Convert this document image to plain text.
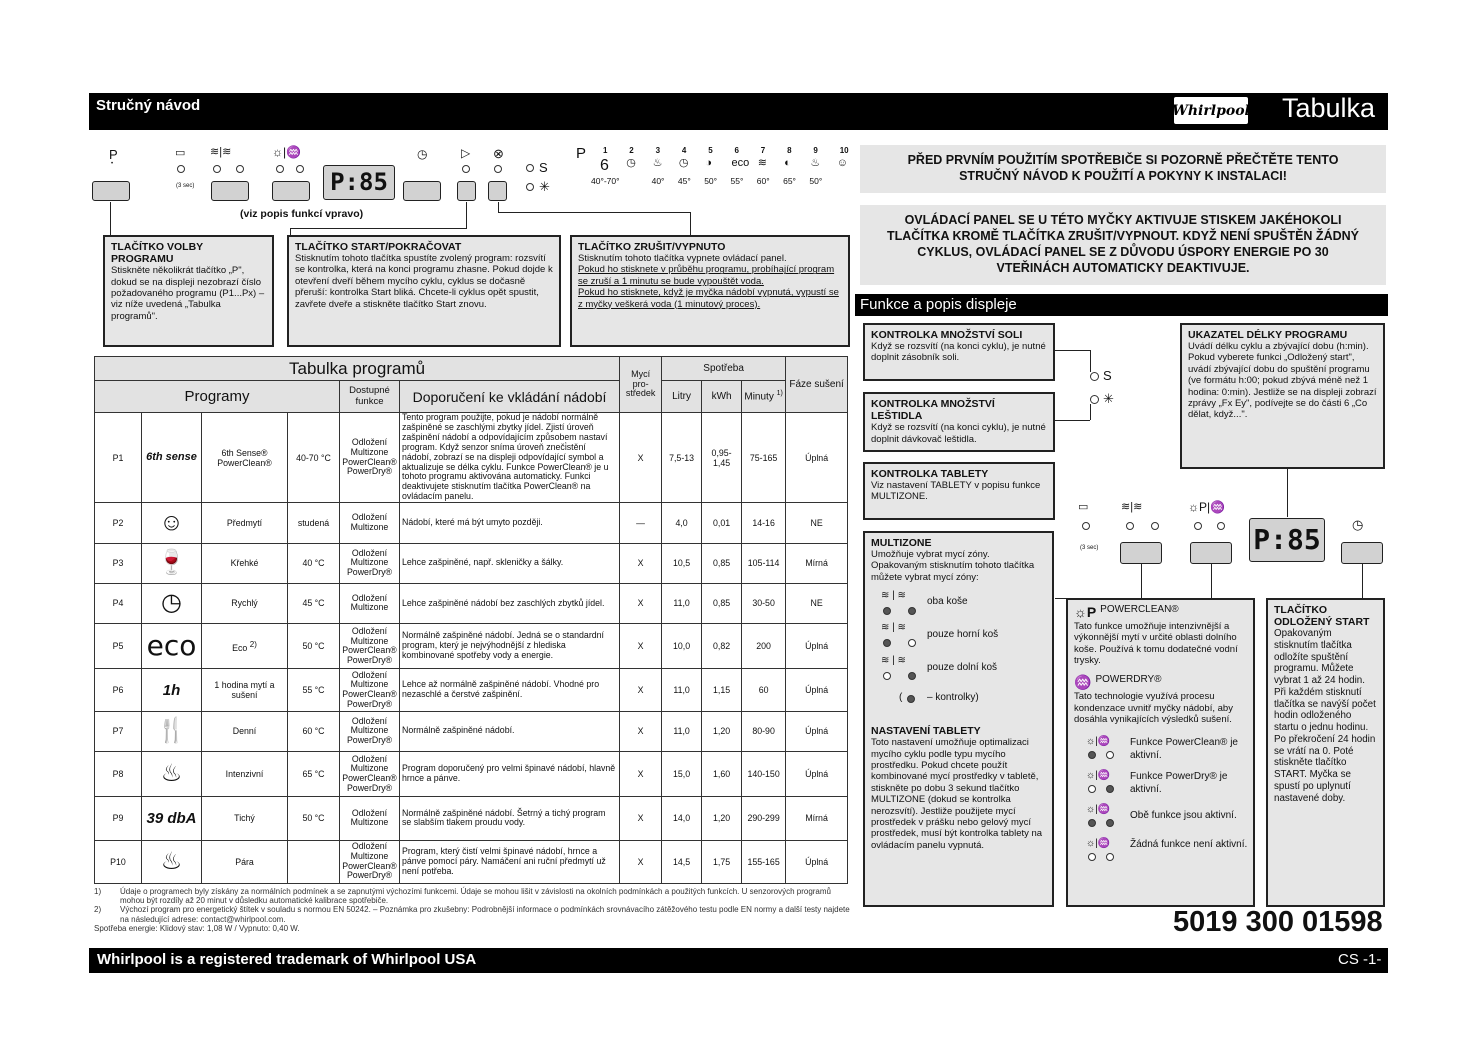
Stručný návod	Whirlpool Tabulka
P
•
▭ ≋|≋
(3 sec)
☼|♒
P:85
◷	▷ ⊗
S
✳
(viz popis funkcí vpravo)
P 1
6
40°-70°
2
◷
3
♨
40°
4
◷
45°
5
◑
50°
6
eco
55°
7
≋
60°
8
◐
65°
9
♨
50°
10
☺
TLAČÍTKO VOLBY PROGRAMU
Stiskněte několikrát tlačítko „P", dokud se na displeji nezobrazí číslo požadovaného programu (P1...Px) – viz níže uvedená „Tabulka programů".
TLAČÍTKO START/POKRAČOVAT
Stisknutím tohoto tlačítka spustíte zvolený program: rozsvítí se kontrolka, která na konci programu zhasne. Pokud dojde k otevření dveří během mycího cyklu, cyklus se dočasně přeruší: kontrolka Start bliká. Chcete-li cyklus opět spustit, zavřete dveře a stiskněte tlačítko Start znovu.
TLAČÍTKO ZRUŠIT/VYPNUTO
Stisknutím tohoto tlačítka vypnete ovládací panel.
Pokud ho stisknete v průběhu programu, probíhající program se zruší a 1 minutu se bude vypouštět voda.
Pokud ho stisknete, když je myčka nádobí vypnutá, vypustí se z myčky veškerá voda (1 minutový proces).
Tabulka programů						Mycí pro-středek	Spotřeba			Fáze sušení
Programy				Dostupné funkce	Doporučení ke vkládání nádobí		Litry	kWh	Minuty $^{1)}$
P1	6th sense	6th Sense® PowerClean®	40-70 °C	Odložení Multizone PowerClean® PowerDry®	Tento program použijte, pokud je nádobí normálně zašpiněné se zaschlými zbytky jídel. Zjistí úroveň zašpinění nádobí a odpovídajícím způsobem nastaví program. Když senzor sníma úroveň zneči̇stění nádobí, zobrazí se na displeji odpovídající symbol a aktualizuje se délka cyklu. Funkce PowerClean® je u tohoto programu aktivována automaticky. Funkci deaktivujete stisknutím tlačítka PowerClean® na ovládacím panelu.	X	7,5-13	0,95-1,45	75-165	Úplná
P2	☺	Předmytí	studená	Odložení Multizone	Nádobí, které má být umyto později.	—	4,0	0,01	14-16	NE
P3	🍷	Křehké	40 °C	Odložení Multizone PowerDry®	Lehce zašpiněné, např. skleničky a šálky.	X	10,5	0,85	105-114	Mírná
P4	◷	Rychlý	45 °C	Odložení Multizone	Lehce zašpiněné nádobí bez zaschlých zbytků jídel.	X	11,0	0,85	30-50	NE
P5	eco	Eco $^{2)}$	50 °C	Odložení Multizone PowerClean® PowerDry®	Normálně zašpiněné nádobí. Jedná se o standardní program, který je nejvýhodnější z hlediska kombinované spotřeby vody a energie.	X	10,0	0,82	200	Úplná
P6	1h	1 hodina mytí a sušení	55 °C	Odložení Multizone PowerClean® PowerDry®	Lehce až normálně zašpiněné nádobí. Vhodné pro nezaschlé a čerstvé zašpinění.	X	11,0	1,15	60	Úplná
P7	🍴	Denní	60 °C	Odložení Multizone PowerDry®	Normálně zašpiněné nádobí.	X	11,0	1,20	80-90	Úplná
P8	♨	Intenzivní	65 °C	Odložení Multizone PowerClean® PowerDry®	Program doporučený pro velmi špinavé nádobí, hlavně hrnce a pánve.	X	15,0	1,60	140-150	Úplná
P9	39 dbA	Tichý	50 °C	Odložení Multizone	Normálně zašpiněné nádobí. Šetrný a tichý program se slabším tlakem proudu vody.	X	14,0	1,20	290-299	Mírná
P10	♨	Pára		Odložení Multizone PowerClean® PowerDry®	Program, který čistí velmi špinavé nádobí, hrnce a pánve pomocí páry. Namáčení ani ruční předmytí už není potřeba.	X	14,5	1,75	155-165	Úplná
1)	Údaje o programech byly získány za normálních podmínek a se zapnutými výchozími funkcemi. Údaje se mohou lišit v závislosti na okolních podmínkách a použitých funkcích. U senzorových programů mohou být rozdíly až 20 minut v důsledku automatické kalibrace spotřebiče.
2)	Výchozí program pro energetický štítek v souladu s normou EN 50242. – Poznámka pro zkušebny: Podrobnější informace o podmínkách srovnávacího zátěžového testu podle EN normy a další testy najdete na následující adrese: contact@whirlpool.com.
Spotřeba energie: Klidový stav: 1,08 W / Vypnuto: 0,40 W.
PŘED PRVNÍM POUŽITÍM SPOTŘEBIČE SI POZORNĚ PŘEČTĚTE TENTO STRUČNÝ NÁVOD K POUŽITÍ A POKYNY K INSTALACI!
OVLÁDACÍ PANEL SE U TÉTO MYČKY AKTIVUJE STISKEM JAKÉHOKOLI TLAČÍTKA KROMĚ TLAČÍTKA ZRUŠIT/VYPNOUT. KDYŽ NENÍ SPUŠTĚN ŽÁDNÝ CYKLUS, OVLÁDACÍ PANEL SE Z DŮVODU ÚSPORY ENERGIE PO 30 VTEŘINÁCH AUTOMATICKY DEAKTIVUJE.
Funkce a popis displeje
KONTROLKA MNOŽSTVÍ SOLI
Když se rozsvítí (na konci cyklu), je nutné doplnit zásobník soli.
KONTROLKA MNOŽSTVÍ LEŠTIDLA
Když se rozsvítí (na konci cyklu), je nutné doplnit dávkovač leštidla.
KONTROLKA TABLETY
Viz nastavení TABLETY v popisu funkce MULTIZONE.
UKAZATEL DÉLKY PROGRAMU
Uvádí délku cyklu a zbývající dobu (h:min). Pokud vyberete funkci „Odložený start", uvádí zbývající dobu do spuštění programu (ve formátu h:00; pokud zbývá méně než 1 hodina: 0:min). Jestliže se na displeji zobrazí zprávy „Fx Ey", podívejte se do části 6 „Co dělat, když...".
S
✳
▭	≋|≋
(3 sec)
☼P|♒
P:85	◷
MULTIZONE
Umožňuje vybrat mycí zóny. Opakovaným stisknutím tohoto tlačítka můžete vybrat mycí zóny:
≋ | ≋
oba koše
≋ | ≋
pouze horní koš
≋ | ≋
pouze dolní koš
( – kontrolky)
NASTAVENÍ TABLETY
Toto nastavení umožňuje optimalizaci mycího cyklu podle typu mycího prostředku. Pokud chcete použít kombinované mycí prostředky v tabletě, stiskněte po dobu 3 sekund tlačítko MULTIZONE (dokud se kontrolka nerozsvítí). Jestliže použijete mycí prostředek v prášku nebo gelový mycí prostředek, musí být kontrolka tablety na ovládacím panelu vypnutá.
☼P POWERCLEAN®
Tato funkce umožňuje intenzivnější a výkonnější mytí v určité oblasti dolního koše. Používá k tomu dodatečné vodní trysky.
♒ POWERDRY®
Tato technologie využívá procesu kondenzace uvnitř myčky nádobí, aby dosáhla vynikajících výsledků sušení.
☼|♒ Funkce PowerClean® je aktivní.
☼|♒ Funkce PowerDry® je aktivní.
☼|♒
Obě funkce jsou aktivní.
☼|♒ Žádná funkce není aktivní.
TLAČÍTKO ODLOŽENÝ START
Opakovaným stisknutím tlačítka odložíte spuštění programu. Můžete vybrat 1 až 24 hodin. Při každém stisknutí tlačítka se navýší počet hodin odloženého startu o jednu hodinu. Po překročení 24 hodin se vrátí na 0. Poté stiskněte tlačítko START. Myčka se spustí po uplynutí nastavené doby.
5019 300 01598
Whirlpool is a registered trademark of Whirlpool USA	CS -1-
